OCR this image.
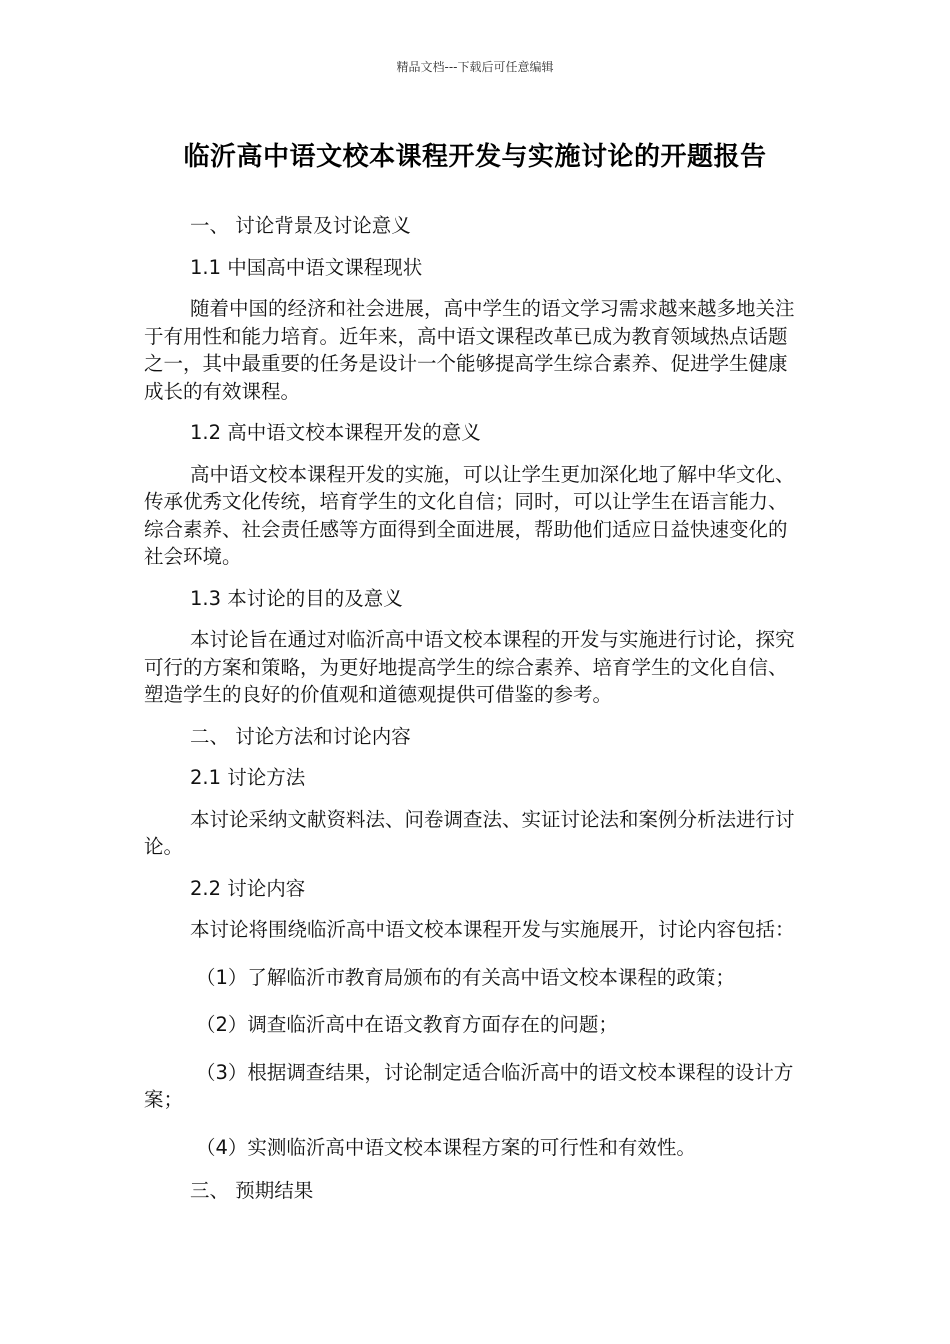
精品文档---下载后可任意编辑
临沂高中语文校本课程开发与实施讨论的开题报告

一、 讨论背景及讨论意义

1.1 中国高中语文课程现状

随着中国的经济和社会进展，高中学生的语文学习需求越来越多地关注于有用性和能力培育。近年来，高中语文课程改革已成为教育领域热点话题之一，其中最重要的任务是设计一个能够提高学生综合素养、促进学生健康成长的有效课程。

1.2 高中语文校本课程开发的意义

高中语文校本课程开发的实施，可以让学生更加深化地了解中华文化、传承优秀文化传统，培育学生的文化自信；同时，可以让学生在语言能力、综合素养、社会责任感等方面得到全面进展，帮助他们适应日益快速变化的社会环境。

1.3 本讨论的目的及意义

本讨论旨在通过对临沂高中语文校本课程的开发与实施进行讨论，探究可行的方案和策略，为更好地提高学生的综合素养、培育学生的文化自信、塑造学生的良好的价值观和道德观提供可借鉴的参考。

二、 讨论方法和讨论内容

2.1 讨论方法

本讨论采纳文献资料法、问卷调查法、实证讨论法和案例分析法进行讨论。

2.2 讨论内容

本讨论将围绕临沂高中语文校本课程开发与实施展开，讨论内容包括：

（1）了解临沂市教育局颁布的有关高中语文校本课程的政策；

（2）调查临沂高中在语文教育方面存在的问题；

（3）根据调查结果，讨论制定适合临沂高中的语文校本课程的设计方案；

（4）实测临沂高中语文校本课程方案的可行性和有效性。

三、 预期结果
